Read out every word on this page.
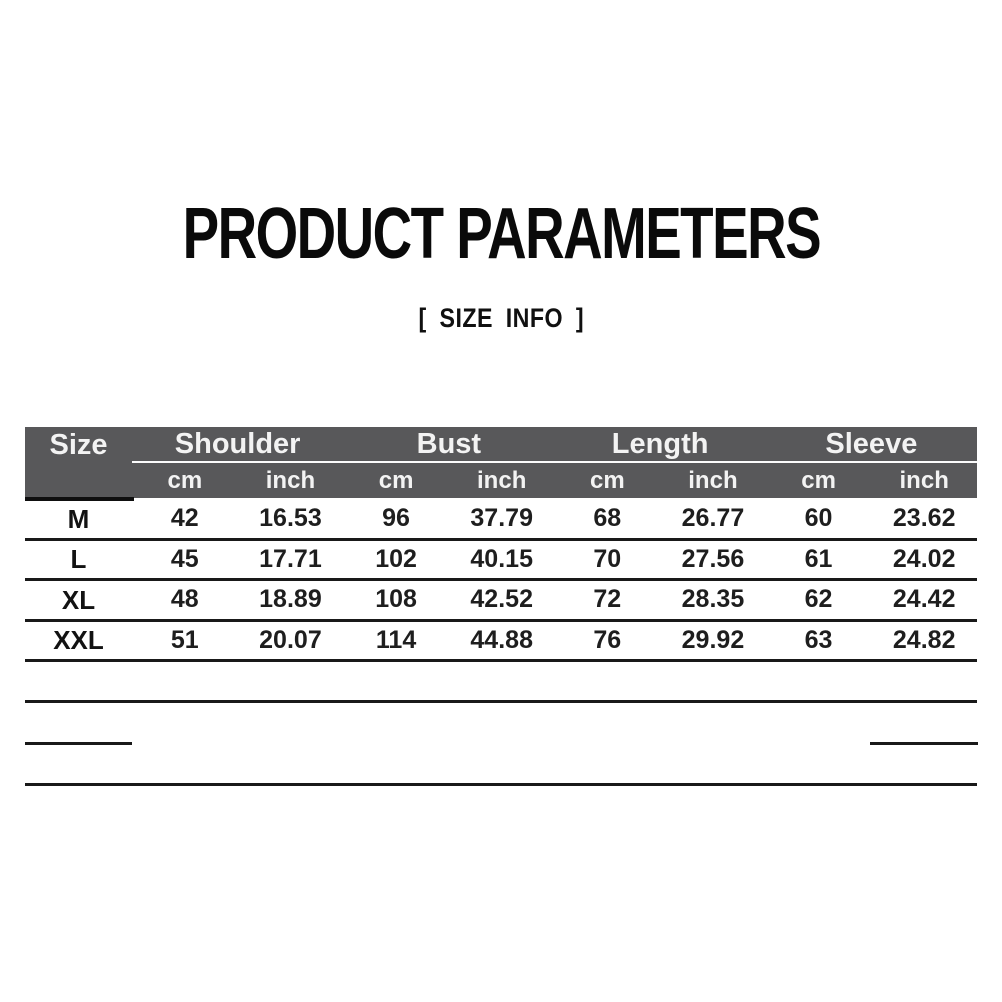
PRODUCT PARAMETERS
[ SIZE INFO ]
Size	Shoulder	Bust	Length	Sleeve
cm	inch	cm	inch	cm	inch	cm	inch
M	42	16.53	96	37.79	68	26.77	60	23.62
L	45	17.71	102	40.15	70	27.56	61	24.02
XL	48	18.89	108	42.52	72	28.35	62	24.42
XXL	51	20.07	114	44.88	76	29.92	63	24.82
